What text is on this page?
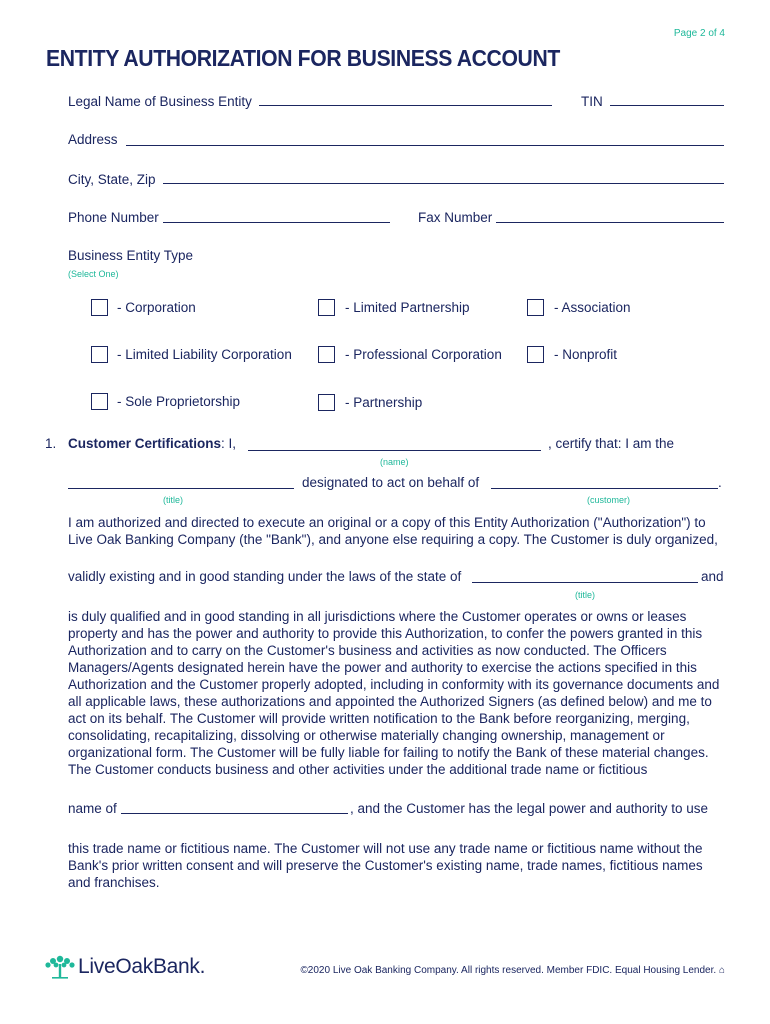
Page 2 of 4
ENTITY AUTHORIZATION FOR BUSINESS ACCOUNT
Legal Name of Business Entity	TIN
Address
City, State, Zip
Phone Number	Fax Number
Business Entity Type
(Select One)
- Corporation	- Limited Partnership	- Association
- Limited Liability Corporation	- Professional Corporation	- Nonprofit
- Sole Proprietorship	- Partnership
1. Customer Certifications: I,	, certify that: I am the
(name)
designated to act on behalf of	.
(title)	(customer)

I am authorized and directed to execute an original or a copy of this Entity Authorization ("Authorization") to Live Oak Banking Company (the "Bank"), and anyone else requiring a copy. The Customer is duly organized,

validly existing and in good standing under the laws of the state of	and
(title)

is duly qualified and in good standing in all jurisdictions where the Customer operates or owns or leases property and has the power and authority to provide this Authorization, to confer the powers granted in this Authorization and to carry on the Customer's business and activities as now conducted. The Officers Managers/Agents designated herein have the power and authority to exercise the actions specified in this Authorization and the Customer properly adopted, including in conformity with its governance documents and all applicable laws, these authorizations and appointed the Authorized Signers (as defined below) and me to act on its behalf. The Customer will provide written notification to the Bank before reorganizing, merging, consolidating, recapitalizing, dissolving or otherwise materially changing ownership, management or organizational form. The Customer will be fully liable for failing to notify the Bank of these material changes. The Customer conducts business and other activities under the additional trade name or fictitious

name of	, and the Customer has the legal power and authority to use

this trade name or fictitious name. The Customer will not use any trade name or fictitious name without the Bank's prior written consent and will preserve the Customer's existing name, trade names, fictitious names and franchises.

LiveOakBank.	©2020 Live Oak Banking Company. All rights reserved. Member FDIC. Equal Housing Lender. ⌂
